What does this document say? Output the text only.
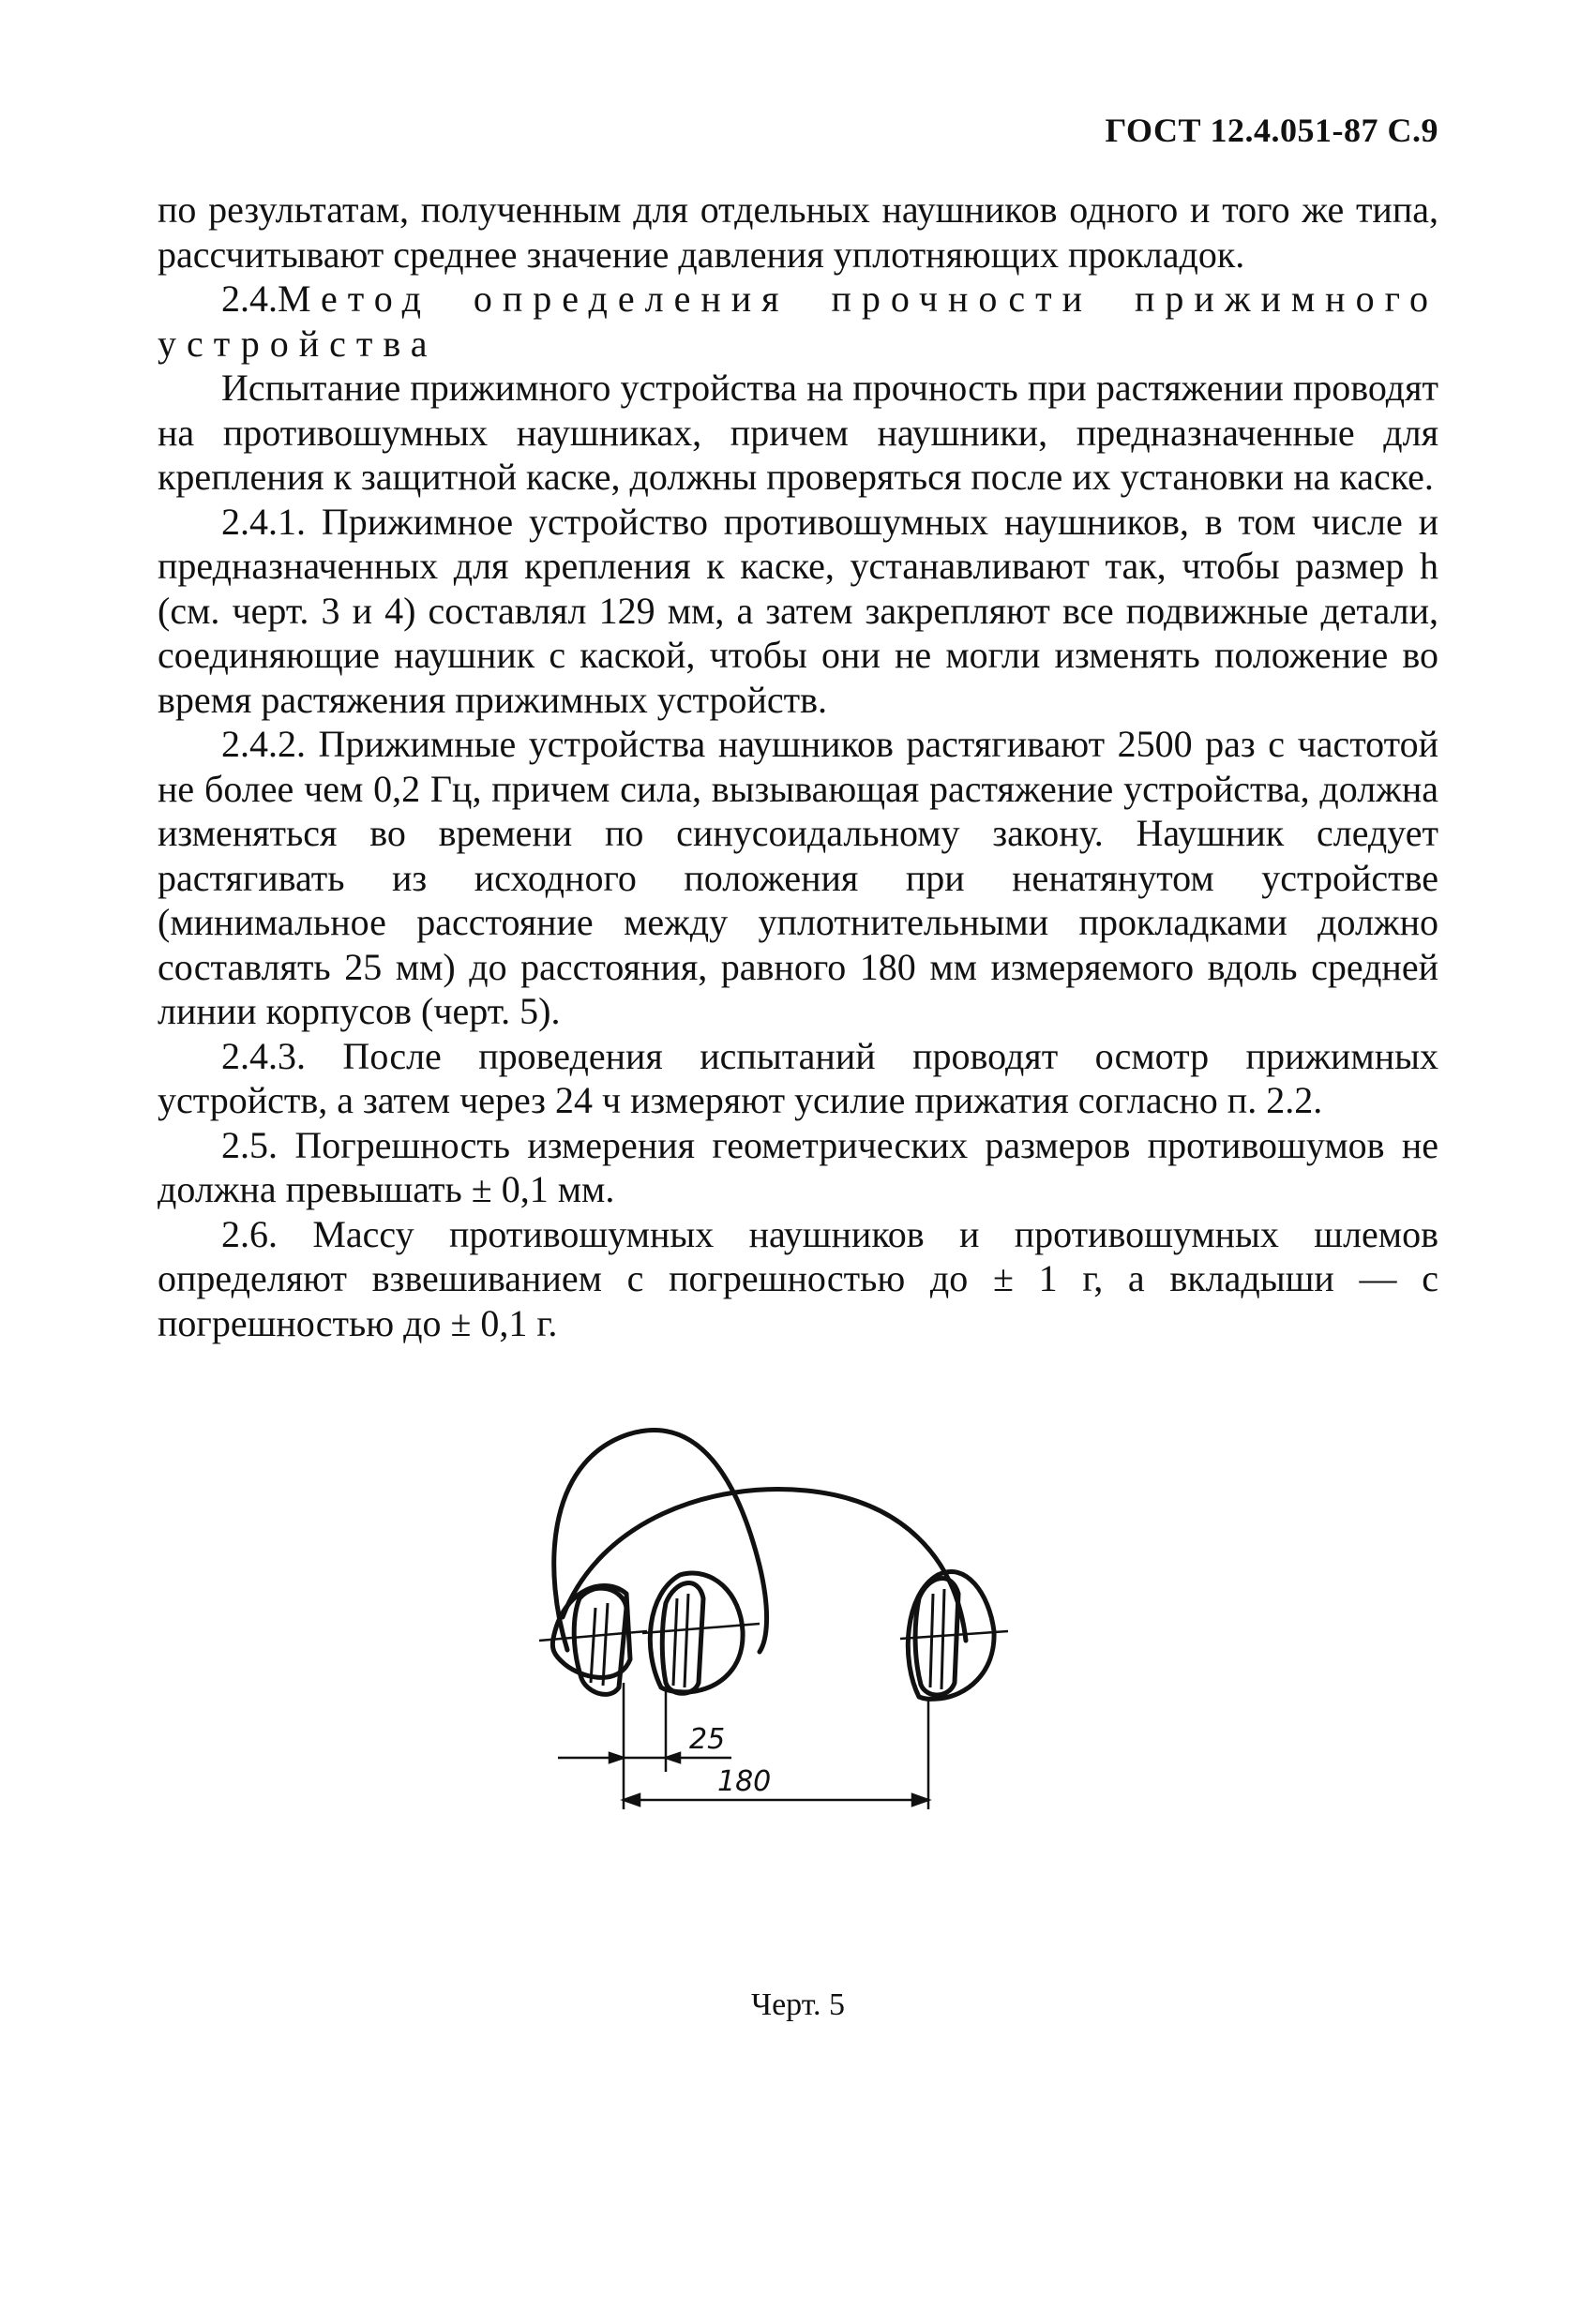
ГОСТ 12.4.051-87 С.9

по результатам, полученным для отдельных наушников одного и того же типа, рассчитывают среднее значение давления уплотняющих прокладок.

2.4.Метод определения прочности прижимного устройства

Испытание прижимного устройства на прочность при растяжении проводят на противошумных наушниках, причем наушники, предназначенные для крепления к защитной каске, должны проверяться после их установки на каске.

2.4.1. Прижимное устройство противошумных наушников, в том числе и предназначенных для крепления к каске, устанавливают так, чтобы размер h (см. черт. 3 и 4) составлял 129 мм, а затем закрепляют все подвижные детали, соединяющие наушник с каской, чтобы они не могли изменять положение во время растяжения прижимных устройств.

2.4.2. Прижимные устройства наушников растягивают 2500 раз с частотой не более чем 0,2 Гц, причем сила, вызывающая растяжение устройства, должна изменяться во времени по синусоидальному закону. Наушник следует растягивать из исходного положения при ненатянутом устройстве (минимальное расстояние между уплотнительными прокладками должно составлять 25 мм) до расстояния, равного 180 мм измеряемого вдоль средней линии корпусов (черт. 5).

2.4.3. После проведения испытаний проводят осмотр прижимных устройств, а затем через 24 ч измеряют усилие прижатия согласно п. 2.2.

2.5. Погрешность измерения геометрических размеров противошумов не должна превышать ± 0,1 мм.

2.6. Массу противошумных наушников и противошумных шлемов определяют взвешиванием с погрешностью до ± 1 г, а вкладыши — с погрешностью до ± 0,1 г.

25
180
Черт. 5
